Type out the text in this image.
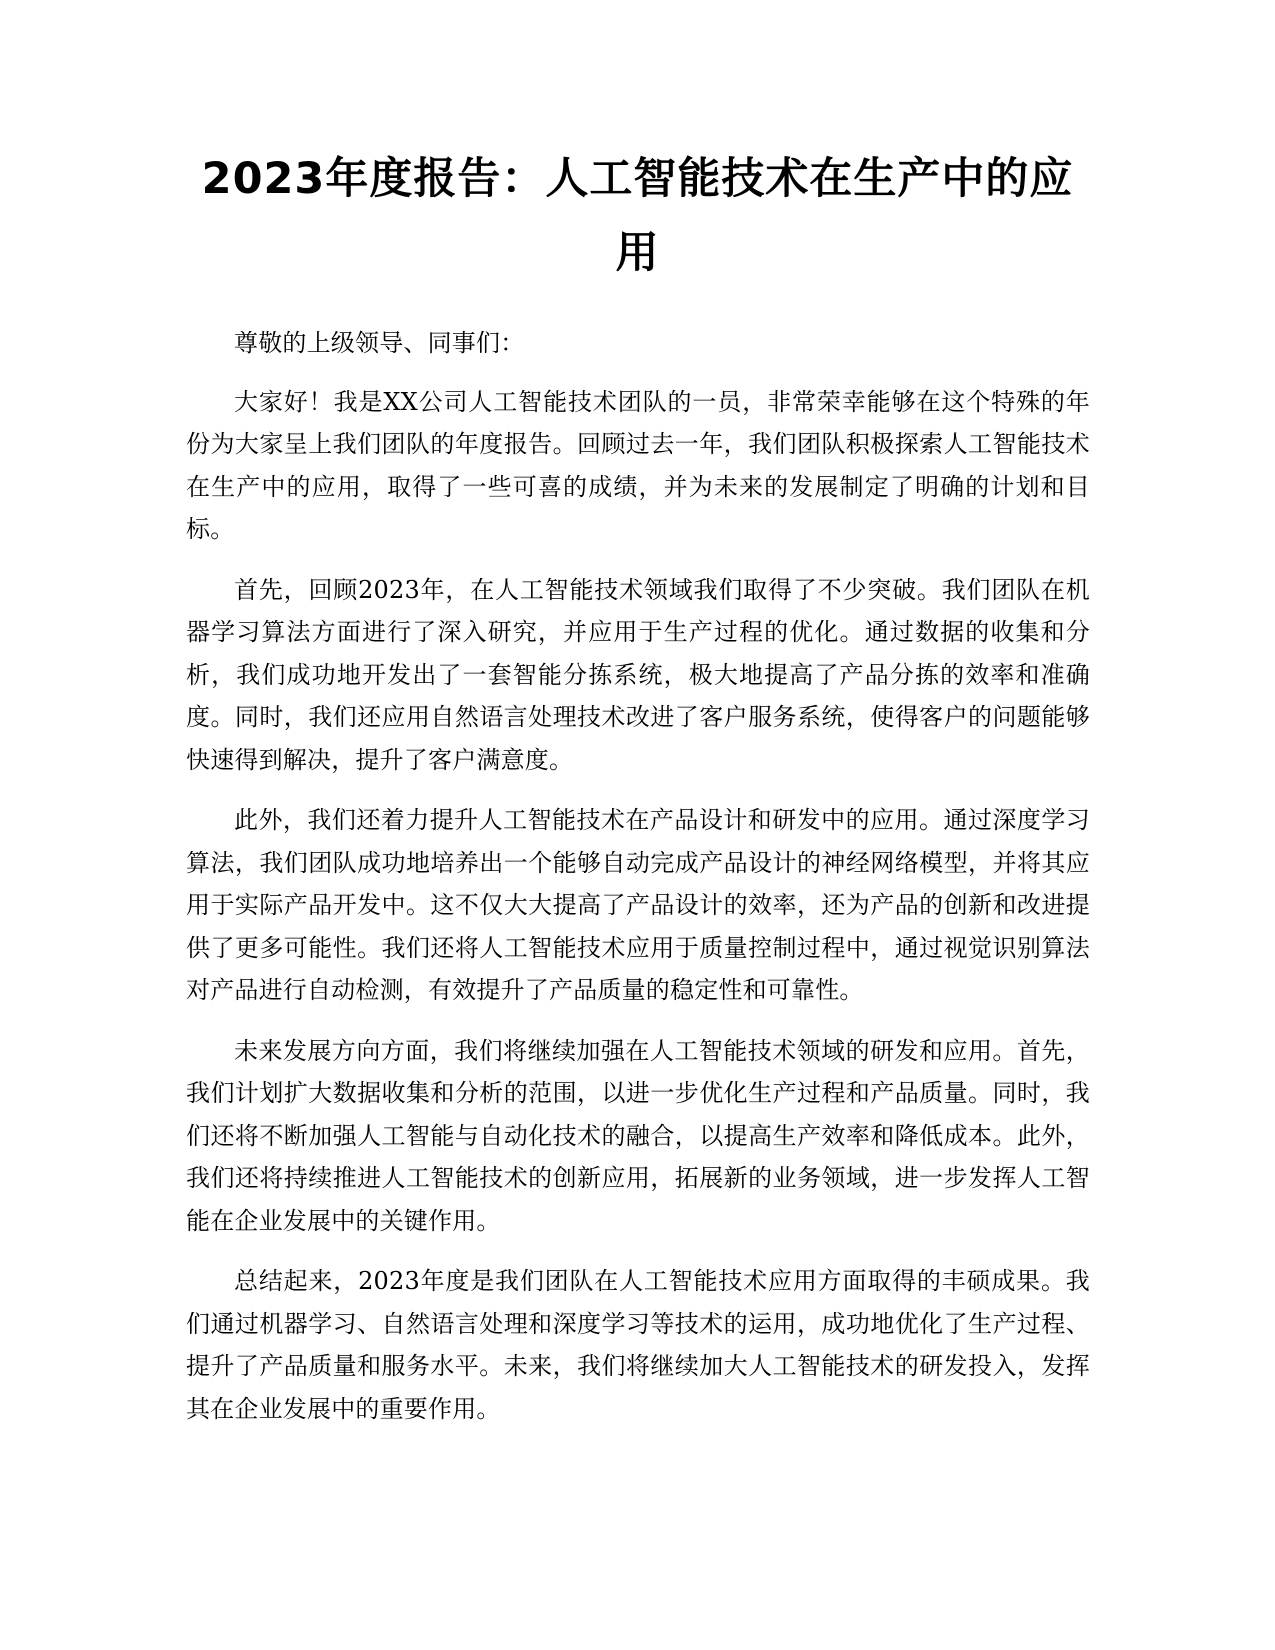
2023年度报告：人工智能技术在生产中的应用

尊敬的上级领导、同事们：

大家好！我是XX公司人工智能技术团队的一员，非常荣幸能够在这个特殊的年份为大家呈上我们团队的年度报告。回顾过去一年，我们团队积极探索人工智能技术在生产中的应用，取得了一些可喜的成绩，并为未来的发展制定了明确的计划和目标。

首先，回顾2023年，在人工智能技术领域我们取得了不少突破。我们团队在机器学习算法方面进行了深入研究，并应用于生产过程的优化。通过数据的收集和分析，我们成功地开发出了一套智能分拣系统，极大地提高了产品分拣的效率和准确度。同时，我们还应用自然语言处理技术改进了客户服务系统，使得客户的问题能够快速得到解决，提升了客户满意度。

此外，我们还着力提升人工智能技术在产品设计和研发中的应用。通过深度学习算法，我们团队成功地培养出一个能够自动完成产品设计的神经网络模型，并将其应用于实际产品开发中。这不仅大大提高了产品设计的效率，还为产品的创新和改进提供了更多可能性。我们还将人工智能技术应用于质量控制过程中，通过视觉识别算法对产品进行自动检测，有效提升了产品质量的稳定性和可靠性。

未来发展方向方面，我们将继续加强在人工智能技术领域的研发和应用。首先，我们计划扩大数据收集和分析的范围，以进一步优化生产过程和产品质量。同时，我们还将不断加强人工智能与自动化技术的融合，以提高生产效率和降低成本。此外，我们还将持续推进人工智能技术的创新应用，拓展新的业务领域，进一步发挥人工智能在企业发展中的关键作用。

总结起来，2023年度是我们团队在人工智能技术应用方面取得的丰硕成果。我们通过机器学习、自然语言处理和深度学习等技术的运用，成功地优化了生产过程、提升了产品质量和服务水平。未来，我们将继续加大人工智能技术的研发投入，发挥其在企业发展中的重要作用。
